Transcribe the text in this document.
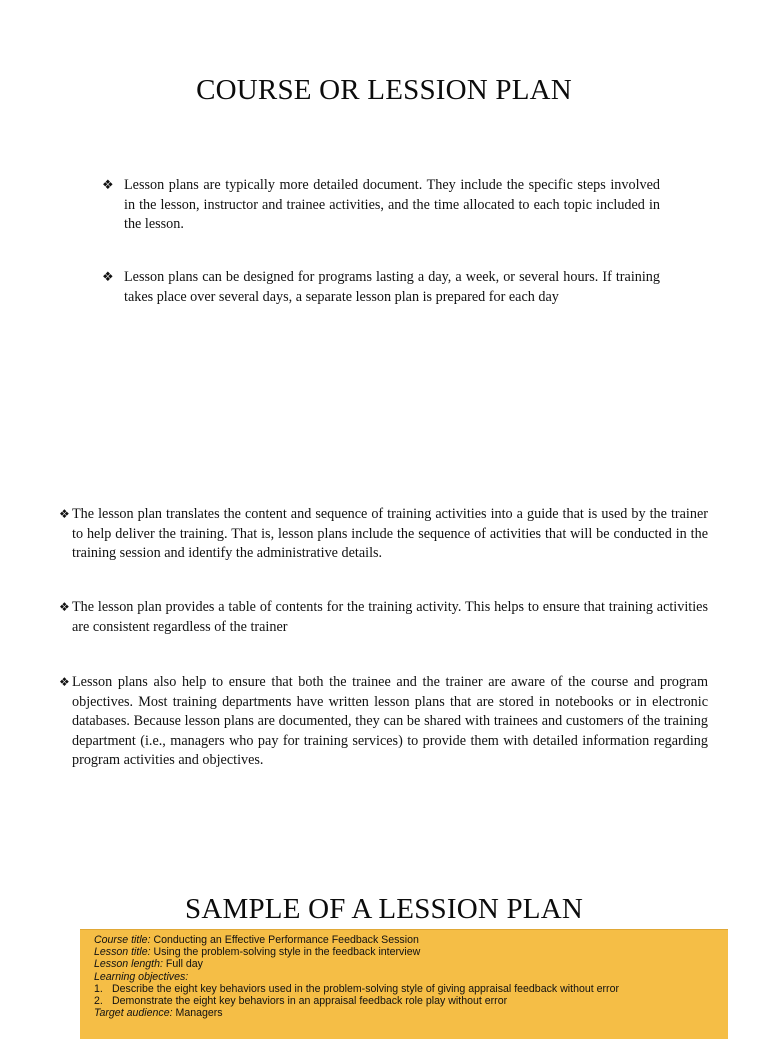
COURSE OR LESSION PLAN
❖ Lesson plans are typically more detailed document. They include the specific steps involved in the lesson, instructor and trainee activities, and the time allocated to each topic included in the lesson.
❖ Lesson plans can be designed for programs lasting a day, a week, or several hours. If training takes place over several days, a separate lesson plan is prepared for each day
❖ The lesson plan translates the content and sequence of training activities into a guide that is used by the trainer to help deliver the training. That is, lesson plans include the sequence of activities that will be conducted in the training session and identify the administrative details.
❖ The lesson plan provides a table of contents for the training activity. This helps to ensure that training activities are consistent regardless of the trainer
❖ Lesson plans also help to ensure that both the trainee and the trainer are aware of the course and program objectives. Most training departments have written lesson plans that are stored in notebooks or in electronic databases. Because lesson plans are documented, they can be shared with trainees and customers of the training department (i.e., managers who pay for training services) to provide them with detailed information regarding program activities and objectives.
SAMPLE OF A LESSION PLAN
Course title: Conducting an Effective Performance Feedback Session
Lesson title: Using the problem-solving style in the feedback interview
Lesson length: Full day
Learning objectives:
1. Describe the eight key behaviors used in the problem-solving style of giving appraisal feedback without error
2. Demonstrate the eight key behaviors in an appraisal feedback role play without error
Target audience: Managers
